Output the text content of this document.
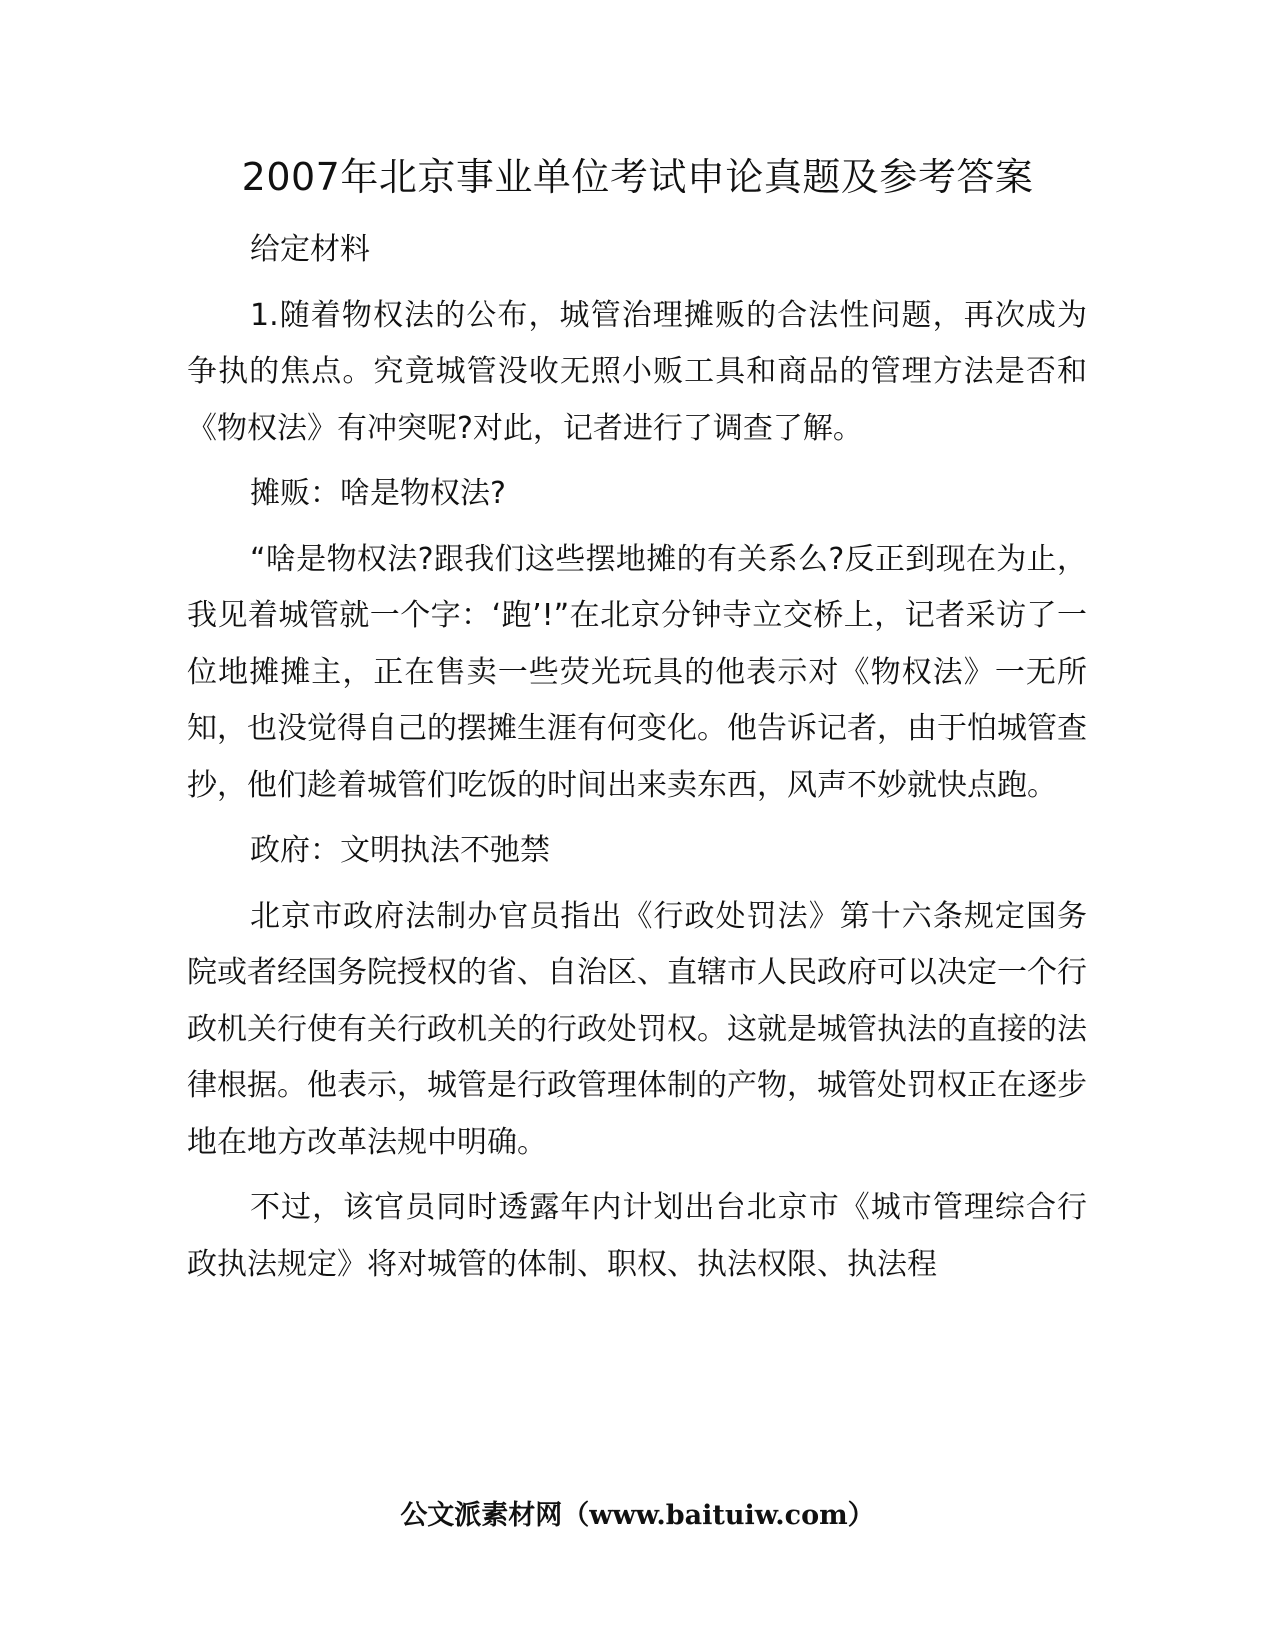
2007年北京事业单位考试申论真题及参考答案

给定材料

1.随着物权法的公布，城管治理摊贩的合法性问题，再次成为争执的焦点。究竟城管没收无照小贩工具和商品的管理方法是否和《物权法》有冲突呢?对此，记者进行了调查了解。

摊贩：啥是物权法?

“啥是物权法?跟我们这些摆地摊的有关系么?反正到现在为止，我见着城管就一个字：‘跑’!”在北京分钟寺立交桥上，记者采访了一位地摊摊主，正在售卖一些荧光玩具的他表示对《物权法》一无所知，也没觉得自己的摆摊生涯有何变化。他告诉记者，由于怕城管查抄，他们趁着城管们吃饭的时间出来卖东西，风声不妙就快点跑。

政府：文明执法不弛禁

北京市政府法制办官员指出《行政处罚法》第十六条规定国务院或者经国务院授权的省、自治区、直辖市人民政府可以决定一个行政机关行使有关行政机关的行政处罚权。这就是城管执法的直接的法律根据。他表示，城管是行政管理体制的产物，城管处罚权正在逐步地在地方改革法规中明确。

不过，该官员同时透露年内计划出台北京市《城市管理综合行政执法规定》将对城管的体制、职权、执法权限、执法程

公文派素材网（www.baituiw.com）
